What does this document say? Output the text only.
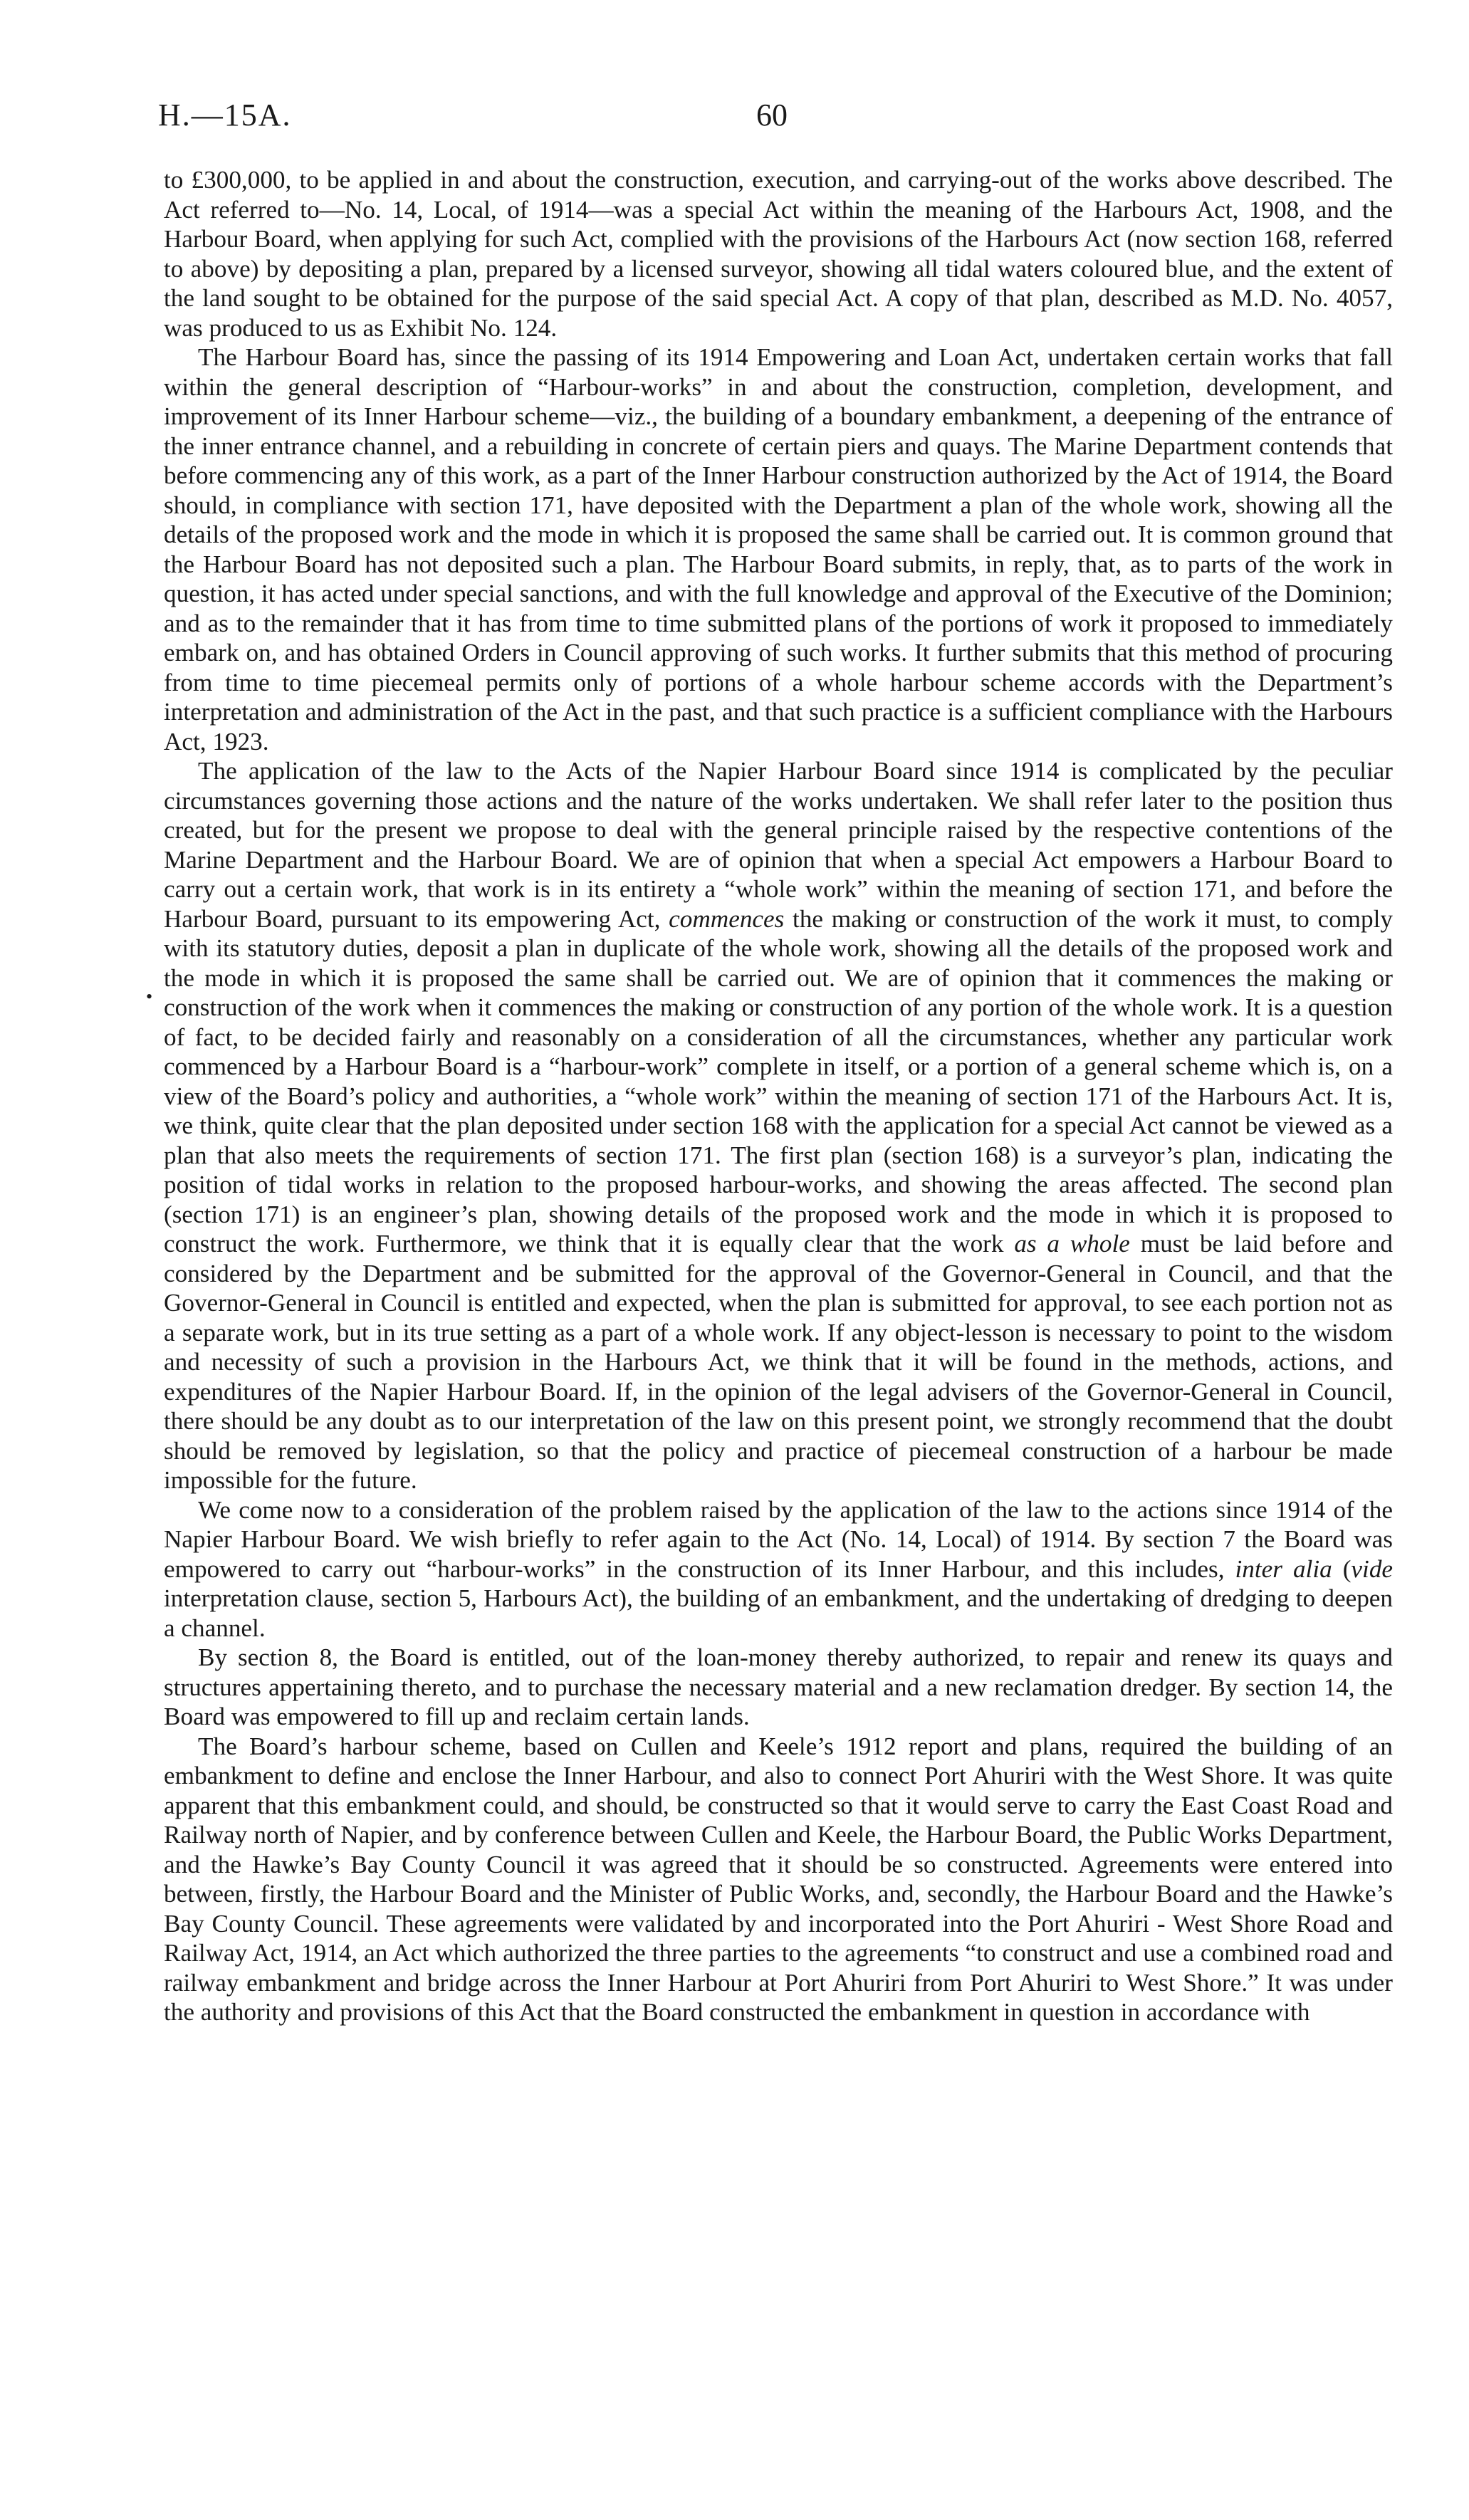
H.—15A.	60
•

to £300,000, to be applied in and about the construction, execution, and carrying-out of the works above described. The Act referred to—No. 14, Local, of 1914—was a special Act within the meaning of the Harbours Act, 1908, and the Harbour Board, when applying for such Act, complied with the provisions of the Harbours Act (now section 168, referred to above) by depositing a plan, prepared by a licensed surveyor, showing all tidal waters coloured blue, and the extent of the land sought to be obtained for the purpose of the said special Act. A copy of that plan, described as M.D. No. 4057, was produced to us as Exhibit No. 124.

The Harbour Board has, since the passing of its 1914 Empowering and Loan Act, undertaken certain works that fall within the general description of “Harbour-works” in and about the construction, completion, development, and improvement of its Inner Harbour scheme—viz., the building of a boundary embankment, a deepening of the entrance of the inner entrance channel, and a rebuilding in concrete of certain piers and quays. The Marine Department contends that before commencing any of this work, as a part of the Inner Harbour construction authorized by the Act of 1914, the Board should, in compliance with section 171, have deposited with the Department a plan of the whole work, showing all the details of the proposed work and the mode in which it is proposed the same shall be carried out. It is common ground that the Harbour Board has not deposited such a plan. The Harbour Board submits, in reply, that, as to parts of the work in question, it has acted under special sanctions, and with the full knowledge and approval of the Executive of the Dominion; and as to the remainder that it has from time to time submitted plans of the portions of work it proposed to immediately embark on, and has obtained Orders in Council approving of such works. It further submits that this method of procuring from time to time piecemeal permits only of portions of a whole harbour scheme accords with the Department’s interpretation and administration of the Act in the past, and that such practice is a sufficient compliance with the Harbours Act, 1923.

The application of the law to the Acts of the Napier Harbour Board since 1914 is complicated by the peculiar circumstances governing those actions and the nature of the works undertaken. We shall refer later to the position thus created, but for the present we propose to deal with the general principle raised by the respective contentions of the Marine Department and the Harbour Board. We are of opinion that when a special Act empowers a Harbour Board to carry out a certain work, that work is in its entirety a “whole work” within the meaning of section 171, and before the Harbour Board, pursuant to its empowering Act, commences the making or construction of the work it must, to comply with its statutory duties, deposit a plan in duplicate of the whole work, showing all the details of the proposed work and the mode in which it is proposed the same shall be carried out. We are of opinion that it commences the making or construction of the work when it commences the making or construction of any portion of the whole work. It is a question of fact, to be decided fairly and reasonably on a consideration of all the circumstances, whether any particular work commenced by a Harbour Board is a “harbour-work” complete in itself, or a portion of a general scheme which is, on a view of the Board’s policy and authorities, a “whole work” within the meaning of section 171 of the Harbours Act. It is, we think, quite clear that the plan deposited under section 168 with the application for a special Act cannot be viewed as a plan that also meets the requirements of section 171. The first plan (section 168) is a surveyor’s plan, indicating the position of tidal works in relation to the proposed harbour-works, and showing the areas affected. The second plan (section 171) is an engineer’s plan, showing details of the proposed work and the mode in which it is proposed to construct the work. Furthermore, we think that it is equally clear that the work as a whole must be laid before and considered by the Department and be submitted for the approval of the Governor-General in Council, and that the Governor-General in Council is entitled and expected, when the plan is submitted for approval, to see each portion not as a separate work, but in its true setting as a part of a whole work. If any object-lesson is necessary to point to the wisdom and necessity of such a provision in the Harbours Act, we think that it will be found in the methods, actions, and expenditures of the Napier Harbour Board. If, in the opinion of the legal advisers of the Governor-General in Council, there should be any doubt as to our interpretation of the law on this present point, we strongly recommend that the doubt should be removed by legislation, so that the policy and practice of piecemeal construction of a harbour be made impossible for the future.

We come now to a consideration of the problem raised by the application of the law to the actions since 1914 of the Napier Harbour Board. We wish briefly to refer again to the Act (No. 14, Local) of 1914. By section 7 the Board was empowered to carry out “harbour-works” in the construction of its Inner Harbour, and this includes, inter alia (vide interpretation clause, section 5, Harbours Act), the building of an embankment, and the undertaking of dredging to deepen a channel.

By section 8, the Board is entitled, out of the loan-money thereby authorized, to repair and renew its quays and structures appertaining thereto, and to purchase the necessary material and a new reclamation dredger. By section 14, the Board was empowered to fill up and reclaim certain lands.

The Board’s harbour scheme, based on Cullen and Keele’s 1912 report and plans, required the building of an embankment to define and enclose the Inner Harbour, and also to connect Port Ahuriri with the West Shore. It was quite apparent that this embankment could, and should, be constructed so that it would serve to carry the East Coast Road and Railway north of Napier, and by conference between Cullen and Keele, the Harbour Board, the Public Works Department, and the Hawke’s Bay County Council it was agreed that it should be so constructed. Agreements were entered into between, firstly, the Harbour Board and the Minister of Public Works, and, secondly, the Harbour Board and the Hawke’s Bay County Council. These agreements were validated by and incorporated into the Port Ahuriri - West Shore Road and Railway Act, 1914, an Act which authorized the three parties to the agreements “to construct and use a combined road and railway embankment and bridge across the Inner Harbour at Port Ahuriri from Port Ahuriri to West Shore.” It was under the authority and provisions of this Act that the Board constructed the embankment in question in accordance with
